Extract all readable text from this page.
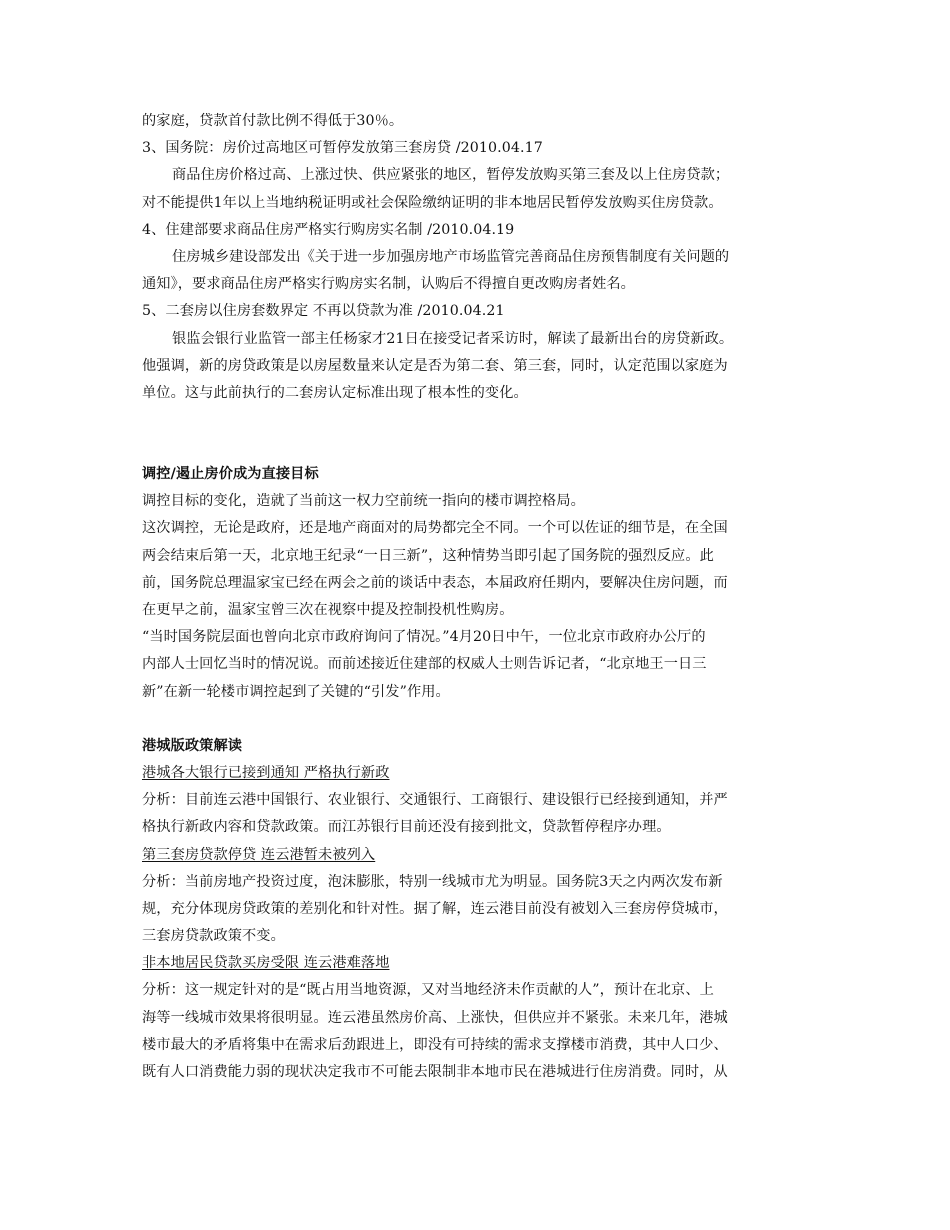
的家庭，贷款首付款比例不得低于30％。
3、国务院：房价过高地区可暂停发放第三套房贷 /2010.04.17
商品住房价格过高、上涨过快、供应紧张的地区，暂停发放购买第三套及以上住房贷款；
对不能提供1年以上当地纳税证明或社会保险缴纳证明的非本地居民暂停发放购买住房贷款。
4、住建部要求商品住房严格实行购房实名制 /2010.04.19
住房城乡建设部发出《关于进一步加强房地产市场监管完善商品住房预售制度有关问题的
通知》，要求商品住房严格实行购房实名制，认购后不得擅自更改购房者姓名。
5、二套房以住房套数界定 不再以贷款为准 /2010.04.21
银监会银行业监管一部主任杨家才21日在接受记者采访时，解读了最新出台的房贷新政。
他强调，新的房贷政策是以房屋数量来认定是否为第二套、第三套，同时，认定范围以家庭为
单位。这与此前执行的二套房认定标准出现了根本性的变化。
调控/遏止房价成为直接目标
调控目标的变化，造就了当前这一权力空前统一指向的楼市调控格局。
这次调控，无论是政府，还是地产商面对的局势都完全不同。一个可以佐证的细节是，在全国
两会结束后第一天，北京地王纪录“一日三新”，这种情势当即引起了国务院的强烈反应。此
前，国务院总理温家宝已经在两会之前的谈话中表态，本届政府任期内，要解决住房问题，而
在更早之前，温家宝曾三次在视察中提及控制投机性购房。
“当时国务院层面也曾向北京市政府询问了情况。”4月20日中午，一位北京市政府办公厅的
内部人士回忆当时的情况说。而前述接近住建部的权威人士则告诉记者，“北京地王一日三
新”在新一轮楼市调控起到了关键的“引发”作用。
港城版政策解读
港城各大银行已接到通知 严格执行新政
分析：目前连云港中国银行、农业银行、交通银行、工商银行、建设银行已经接到通知，并严
格执行新政内容和贷款政策。而江苏银行目前还没有接到批文，贷款暂停程序办理。
第三套房贷款停贷 连云港暂未被列入
分析：当前房地产投资过度，泡沫膨胀，特别一线城市尤为明显。国务院3天之内两次发布新
规，充分体现房贷政策的差别化和针对性。据了解，连云港目前没有被划入三套房停贷城市，
三套房贷款政策不变。
非本地居民贷款买房受限 连云港难落地
分析：这一规定针对的是“既占用当地资源，又对当地经济未作贡献的人”，预计在北京、上
海等一线城市效果将很明显。连云港虽然房价高、上涨快，但供应并不紧张。未来几年，港城
楼市最大的矛盾将集中在需求后劲跟进上，即没有可持续的需求支撑楼市消费，其中人口少、
既有人口消费能力弱的现状决定我市不可能去限制非本地市民在港城进行住房消费。同时，从
